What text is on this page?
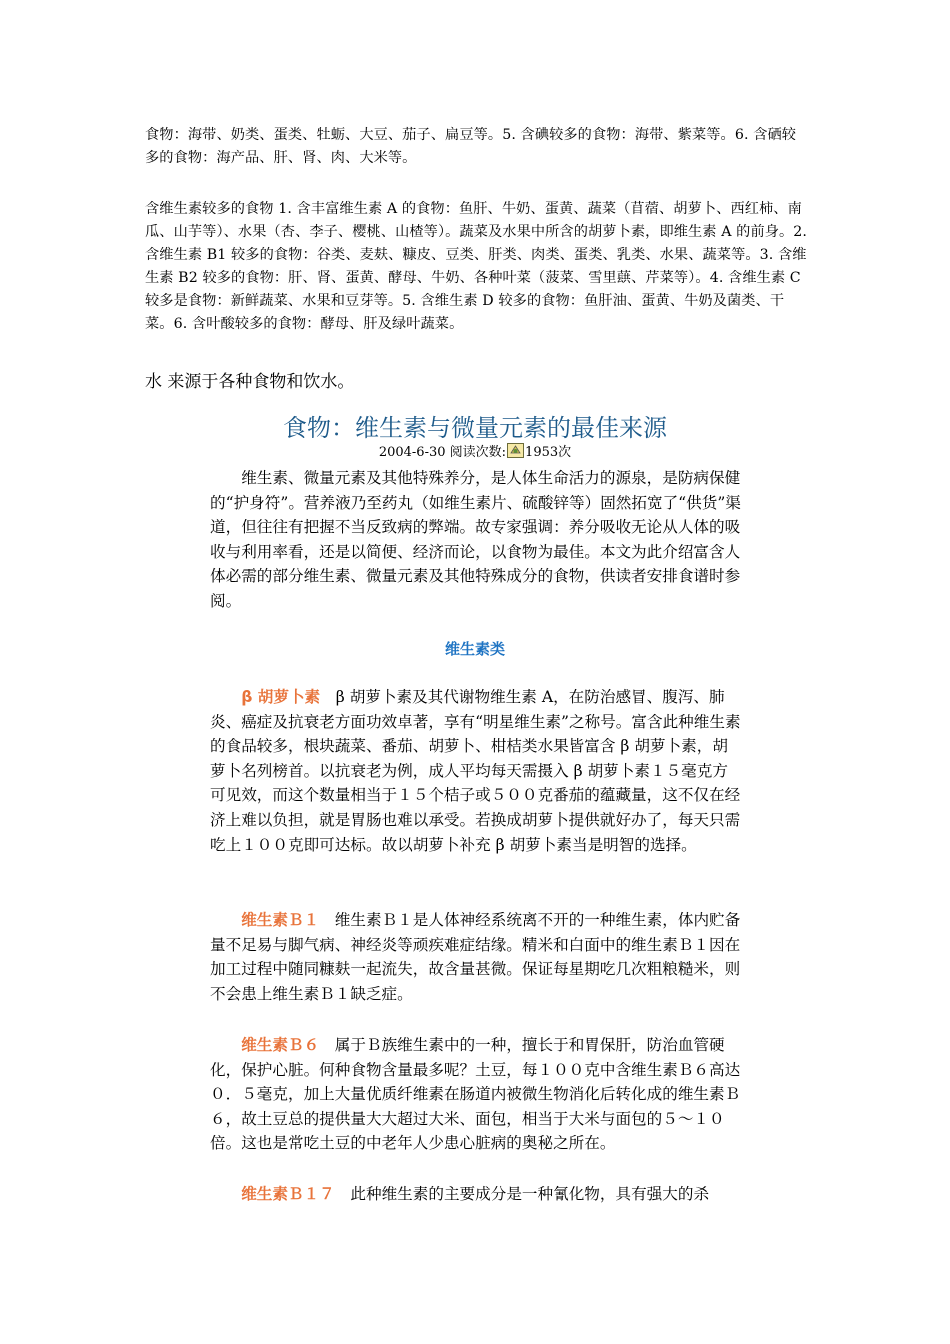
食物：海带、奶类、蛋类、牡蛎、大豆、茄子、扁豆等。5. 含碘较多的食物：海带、紫菜等。6. 含硒较多的食物：海产品、肝、肾、肉、大米等。

含维生素较多的食物 1. 含丰富维生素 A 的食物：鱼肝、牛奶、蛋黄、蔬菜（苜蓿、胡萝卜、西红柿、南瓜、山芋等）、水果（杏、李子、樱桃、山楂等）。蔬菜及水果中所含的胡萝卜素，即维生素 A 的前身。2. 含维生素 B1 较多的食物：谷类、麦麸、糠皮、豆类、肝类、肉类、蛋类、乳类、水果、蔬菜等。3. 含维生素 B2 较多的食物：肝、肾、蛋黄、酵母、牛奶、各种叶菜（菠菜、雪里蕻、芹菜等）。4. 含维生素 C 较多是食物：新鲜蔬菜、水果和豆芽等。5. 含维生素 D 较多的食物：鱼肝油、蛋黄、牛奶及菌类、干菜。6. 含叶酸较多的食物：酵母、肝及绿叶蔬菜。

水 来源于各种食物和饮水。

食物：维生素与微量元素的最佳来源
2004-6-30 阅读次数: 1953次

维生素、微量元素及其他特殊养分，是人体生命活力的源泉，是防病保健的“护身符”。营养液乃至药丸（如维生素片、硫酸锌等）固然拓宽了“供货”渠道，但往往有把握不当反致病的弊端。故专家强调：养分吸收无论从人体的吸收与利用率看，还是以简便、经济而论，以食物为最佳。本文为此介绍富含人体必需的部分维生素、微量元素及其他特殊成分的食物，供读者安排食谱时参阅。

维生素类

β 胡萝卜素　 β 胡萝卜素及其代谢物维生素 A，在防治感冒、腹泻、肺炎、癌症及抗衰老方面功效卓著，享有“明星维生素”之称号。富含此种维生素的食品较多，根块蔬菜、番茄、胡萝卜、柑桔类水果皆富含 β 胡萝卜素，胡萝卜名列榜首。以抗衰老为例，成人平均每天需摄入 β 胡萝卜素１５毫克方可见效，而这个数量相当于１５个桔子或５００克番茄的蕴藏量，这不仅在经济上难以负担，就是胃肠也难以承受。若换成胡萝卜提供就好办了，每天只需吃上１００克即可达标。故以胡萝卜补充 β 胡萝卜素当是明智的选择。

维生素Ｂ１　 维生素Ｂ１是人体神经系统离不开的一种维生素，体内贮备量不足易与脚气病、神经炎等顽疾难症结缘。精米和白面中的维生素Ｂ１因在加工过程中随同糠麸一起流失，故含量甚微。保证每星期吃几次粗粮糙米，则不会患上维生素Ｂ１缺乏症。

维生素Ｂ６　 属于Ｂ族维生素中的一种，擅长于和胃保肝，防治血管硬化，保护心脏。何种食物含量最多呢？土豆，每１００克中含维生素Ｂ６高达０．５毫克，加上大量优质纤维素在肠道内被微生物消化后转化成的维生素Ｂ６，故土豆总的提供量大大超过大米、面包，相当于大米与面包的５～１０倍。这也是常吃土豆的中老年人少患心脏病的奥秘之所在。

维生素Ｂ１７　 此种维生素的主要成分是一种氰化物，具有强大的杀
